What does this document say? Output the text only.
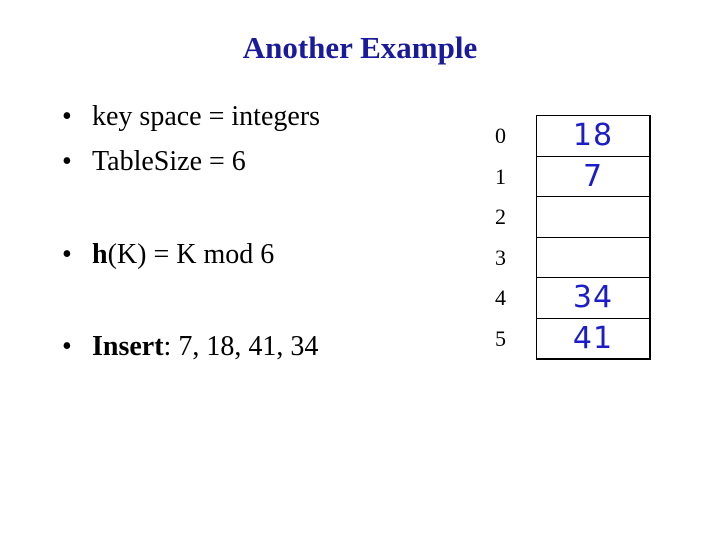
Another Example
• key space = integers
• TableSize = 6
• h(K) = K mod 6
• Insert: 7, 18, 41, 34
0	18
1	7
2
3
4	34
5	41
